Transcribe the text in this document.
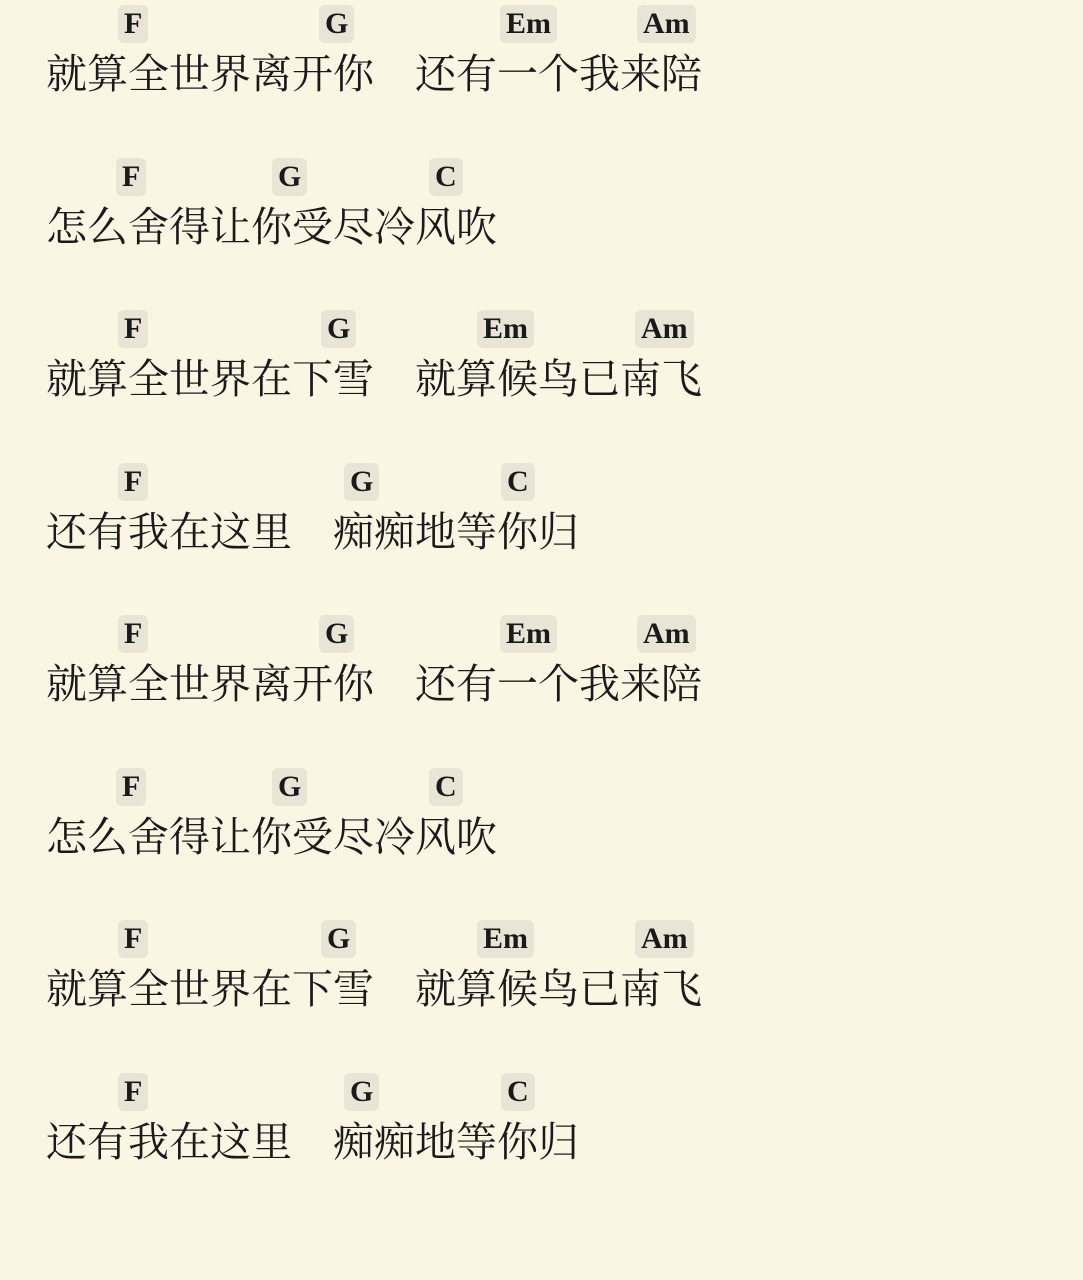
F	G	Em	Am
就算全世界离开你 还有一个我来陪
F	G	C
怎么舍得让你受尽冷风吹
F	G	Em	Am
就算全世界在下雪 就算候鸟已南飞
F	G	C
还有我在这里 痴痴地等你归
F	G	Em	Am
就算全世界离开你 还有一个我来陪
F	G	C
怎么舍得让你受尽冷风吹
F	G	Em	Am
就算全世界在下雪 就算候鸟已南飞
F	G	C
还有我在这里 痴痴地等你归
